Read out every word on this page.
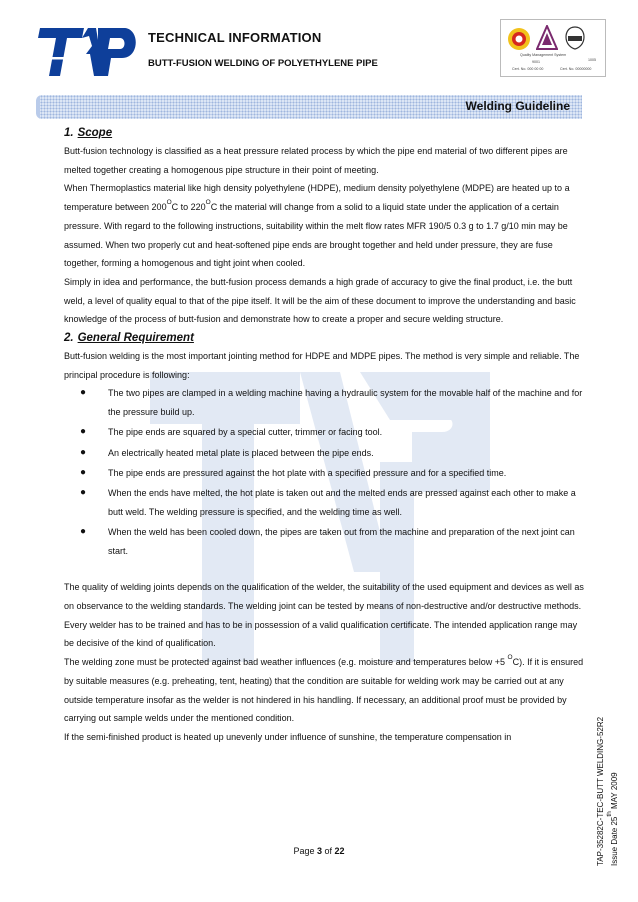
TECHNICAL INFORMATION
BUTT-FUSION WELDING OF POLYETHYLENE PIPE
Quality Management System
9001	1005
Cert. No. 000 00 00	Cert. No. 00000000
Welding Guideline
1. Scope

Butt-fusion technology is classified as a heat pressure related process by which the pipe end material of two different pipes are melted together creating a homogenous pipe structure in their point of meeting.

When Thermoplastics material like high density polyethylene (HDPE), medium density polyethylene (MDPE) are heated up to a temperature between $200^OC$ to $220^OC$ the material will change from a solid to a liquid state under the application of a certain pressure. With regard to the following instructions, suitability within the melt flow rates MFR 190/5 0.3 g to 1.7 g/10 min may be assumed. When two properly cut and heat-softened pipe ends are brought together and held under pressure, they are fuse together, forming a homogenous and tight joint when cooled.

Simply in idea and performance, the butt-fusion process demands a high grade of accuracy to give the final product, i.e. the butt weld, a level of quality equal to that of the pipe itself. It will be the aim of these document to improve the understanding and basic knowledge of the process of butt-fusion and demonstrate how to create a proper and secure welding structure.

2. General Requirement

Butt-fusion welding is the most important jointing method for HDPE and MDPE pipes. The method is very simple and reliable. The principal procedure is following:

● The two pipes are clamped in a welding machine having a hydraulic system for the movable half of the machine and for the pressure build up.
● The pipe ends are squared by a special cutter, trimmer or facing tool.
● An electrically heated metal plate is placed between the pipe ends.
● The pipe ends are pressured against the hot plate with a specified pressure and for a specified time.
● When the ends have melted, the hot plate is taken out and the melted ends are pressed against each other to make a butt weld. The welding pressure is specified, and the welding time as well.
● When the weld has been cooled down, the pipes are taken out from the machine and preparation of the next joint can start.

The quality of welding joints depends on the qualification of the welder, the suitability of the used equipment and devices as well as on observance to the welding standards. The welding joint can be tested by means of non-destructive and/or destructive methods. Every welder has to be trained and has to be in possession of a valid qualification certificate. The intended application range may be decisive of the kind of qualification.

The welding zone must be protected against bad weather influences (e.g. moisture and temperatures below +5 $^O$C). If it is ensured by suitable measures (e.g. preheating, tent, heating) that the condition are suitable for welding work may be carried out at any outside temperature insofar as the welder is not hindered in his handling. If necessary, an additional proof must be provided by carrying out sample welds under the mentioned condition.

If the semi-finished product is heated up unevenly under influence of sunshine, the temperature compensation in

Page 3 of 22	TAP-35282C-TEC-BUTT WELDING-52R2 Issue Date 25th MAY 2009
